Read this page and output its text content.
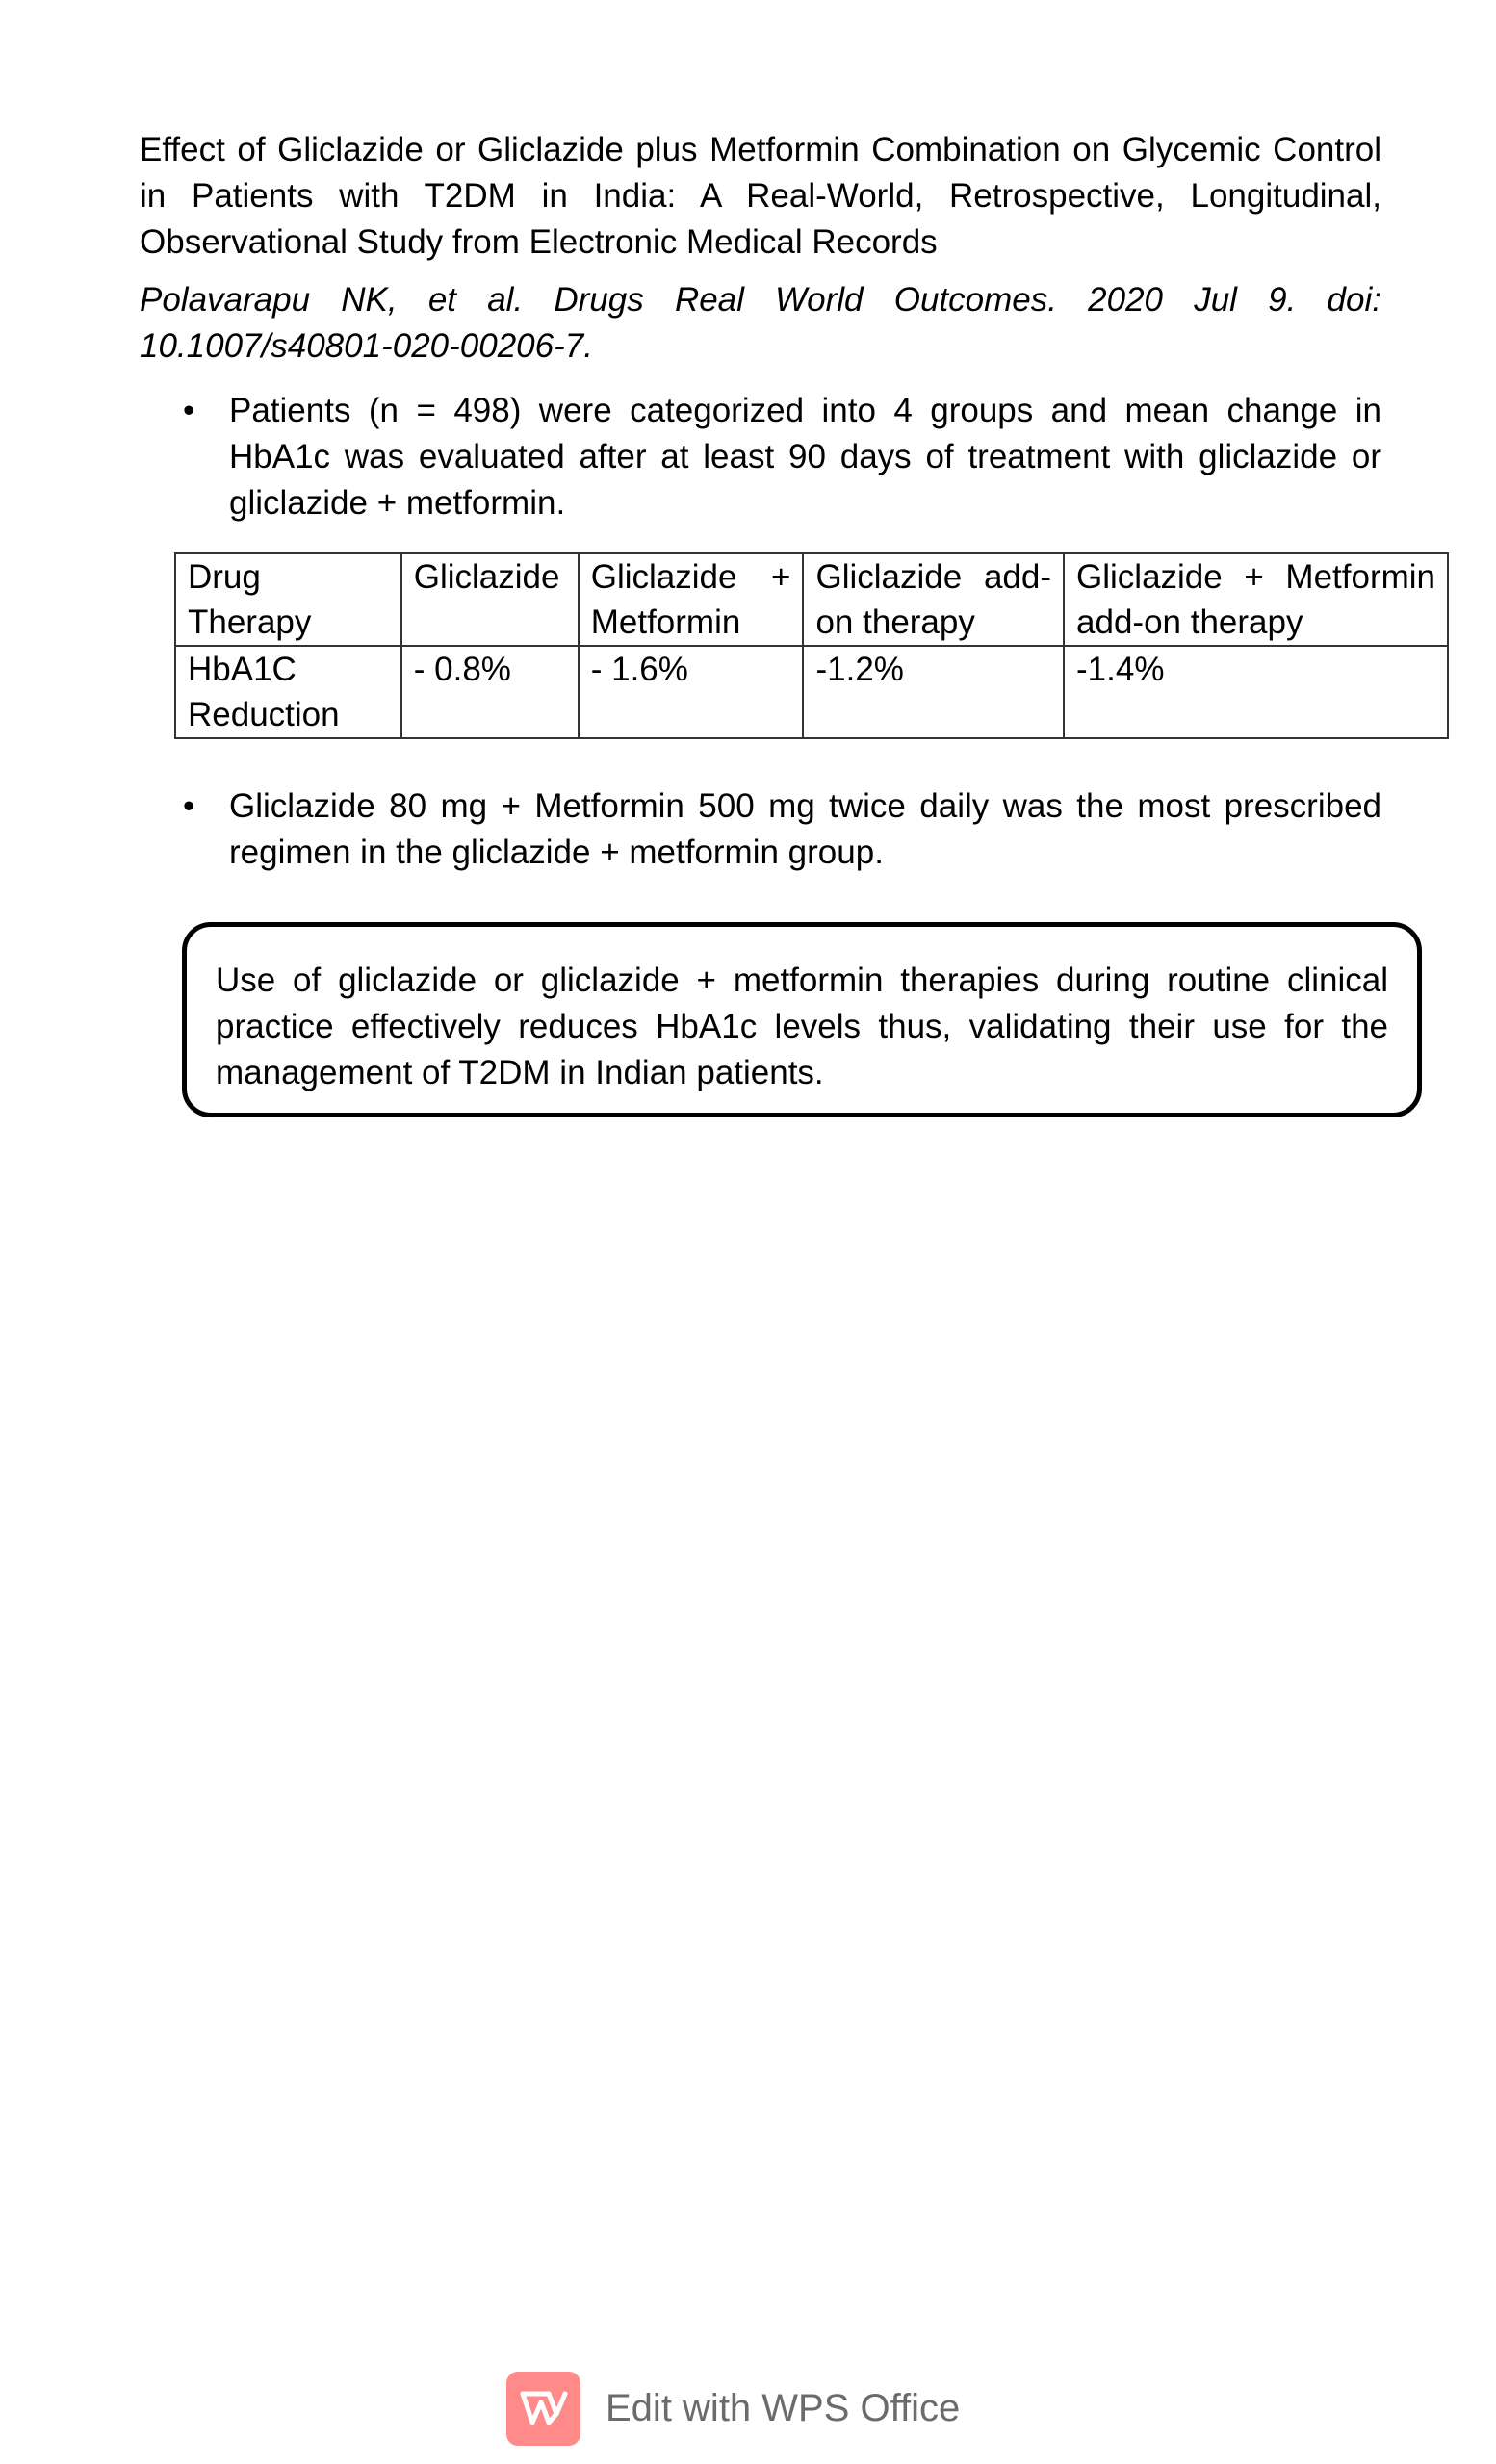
Effect of Gliclazide or Gliclazide plus Metformin Combination on Glycemic Control in Patients with T2DM in India: A Real-World, Retrospective, Longitudinal, Observational Study from Electronic Medical Records
Polavarapu NK, et al. Drugs Real World Outcomes. 2020 Jul 9. doi: 10.1007/s40801-020-00206-7.
•	Patients (n = 498) were categorized into 4 groups and mean change in HbA1c was evaluated after at least 90 days of treatment with gliclazide or gliclazide + metformin.
Drug Therapy	Gliclazide	Gliclazide + Metformin	Gliclazide add-on therapy	Gliclazide + Metformin add-on therapy
HbA1C Reduction	- 0.8%	- 1.6%	-1.2%	-1.4%
•	Gliclazide 80 mg + Metformin 500 mg twice daily was the most prescribed regimen in the gliclazide + metformin group.
Use of gliclazide or gliclazide + metformin therapies during routine clinical practice effectively reduces HbA1c levels thus, validating their use for the management of T2DM in Indian patients.
Edit with WPS Office
